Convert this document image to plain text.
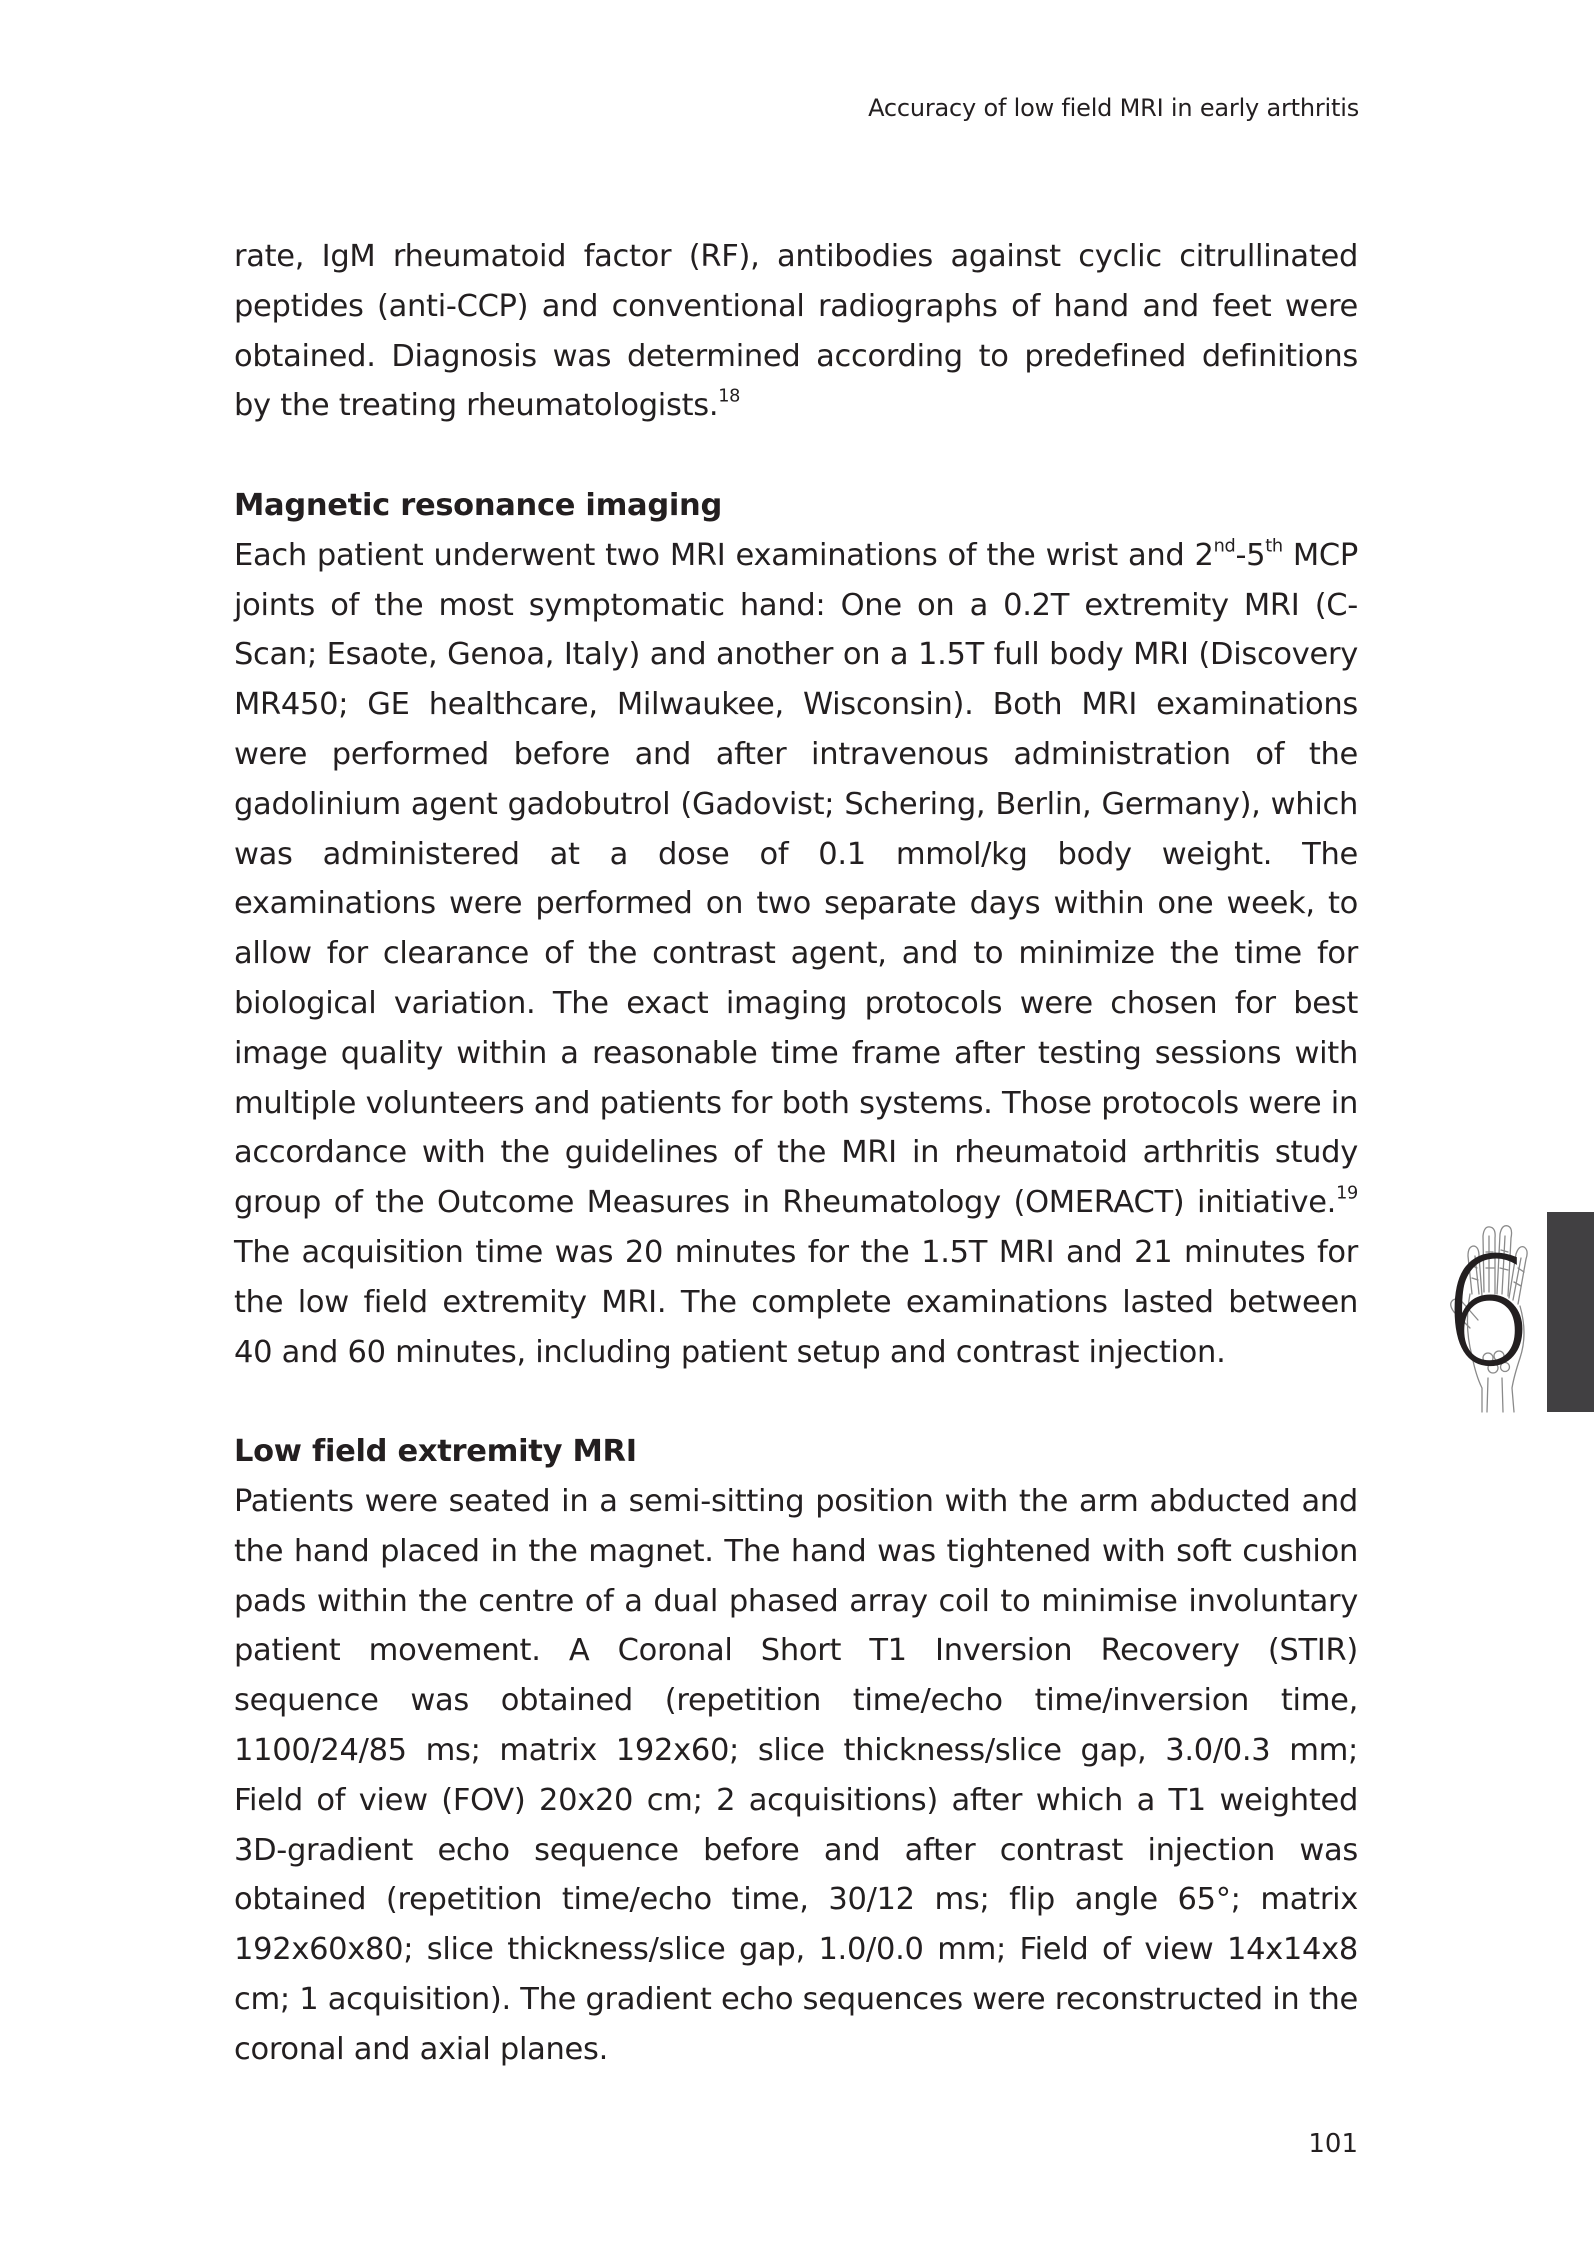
Accuracy of low field MRI in early arthritis

rate, IgM rheumatoid factor (RF), antibodies against cyclic citrullinated peptides (anti-CCP) and conventional radiographs of hand and feet were obtained. Diagnosis was determined according to predefined definitions by the treating rheumatologists.$^{18}$

Magnetic resonance imaging

Each patient underwent two MRI examinations of the wrist and 2nd-5th MCP joints of the most symptomatic hand: One on a 0.2T extremity MRI (C-Scan; Esaote, Genoa, Italy) and another on a 1.5T full body MRI (Discovery MR450; GE healthcare, Milwaukee, Wisconsin). Both MRI examinations were performed before and after intravenous administration of the gadolinium agent gadobutrol (Gadovist; Schering, Berlin, Germany), which was administered at a dose of 0.1 mmol/kg body weight. The examinations were performed on two separate days within one week, to allow for clearance of the contrast agent, and to minimize the time for biological variation. The exact imaging protocols were chosen for best image quality within a reasonable time frame after testing sessions with multiple volunteers and patients for both systems. Those protocols were in accordance with the guidelines of the MRI in rheumatoid arthritis study group of the Outcome Measures in Rheumatology (OMERACT) initiative.$^{19}$ The acquisition time was 20 minutes for the 1.5T MRI and 21 minutes for the low field extremity MRI. The complete examinations lasted between 40 and 60 minutes, including patient setup and contrast injection.

Low field extremity MRI

Patients were seated in a semi-sitting position with the arm abducted and the hand placed in the magnet. The hand was tightened with soft cushion pads within the centre of a dual phased array coil to minimise involuntary patient movement. A Coronal Short T1 Inversion Recovery (STIR) sequence was obtained (repetition time/echo time/inversion time, 1100/24/85 ms; matrix 192x60; slice thickness/slice gap, 3.0/0.3 mm; Field of view (FOV) 20x20 cm; 2 acquisitions) after which a T1 weighted 3D-gradient echo sequence before and after contrast injection was obtained (repetition time/echo time, 30/12 ms; flip angle 65°; matrix 192x60x80; slice thickness/slice gap, 1.0/0.0 mm; Field of view 14x14x8 cm; 1 acquisition). The gradient echo sequences were reconstructed in the coronal and axial planes.

6
101
